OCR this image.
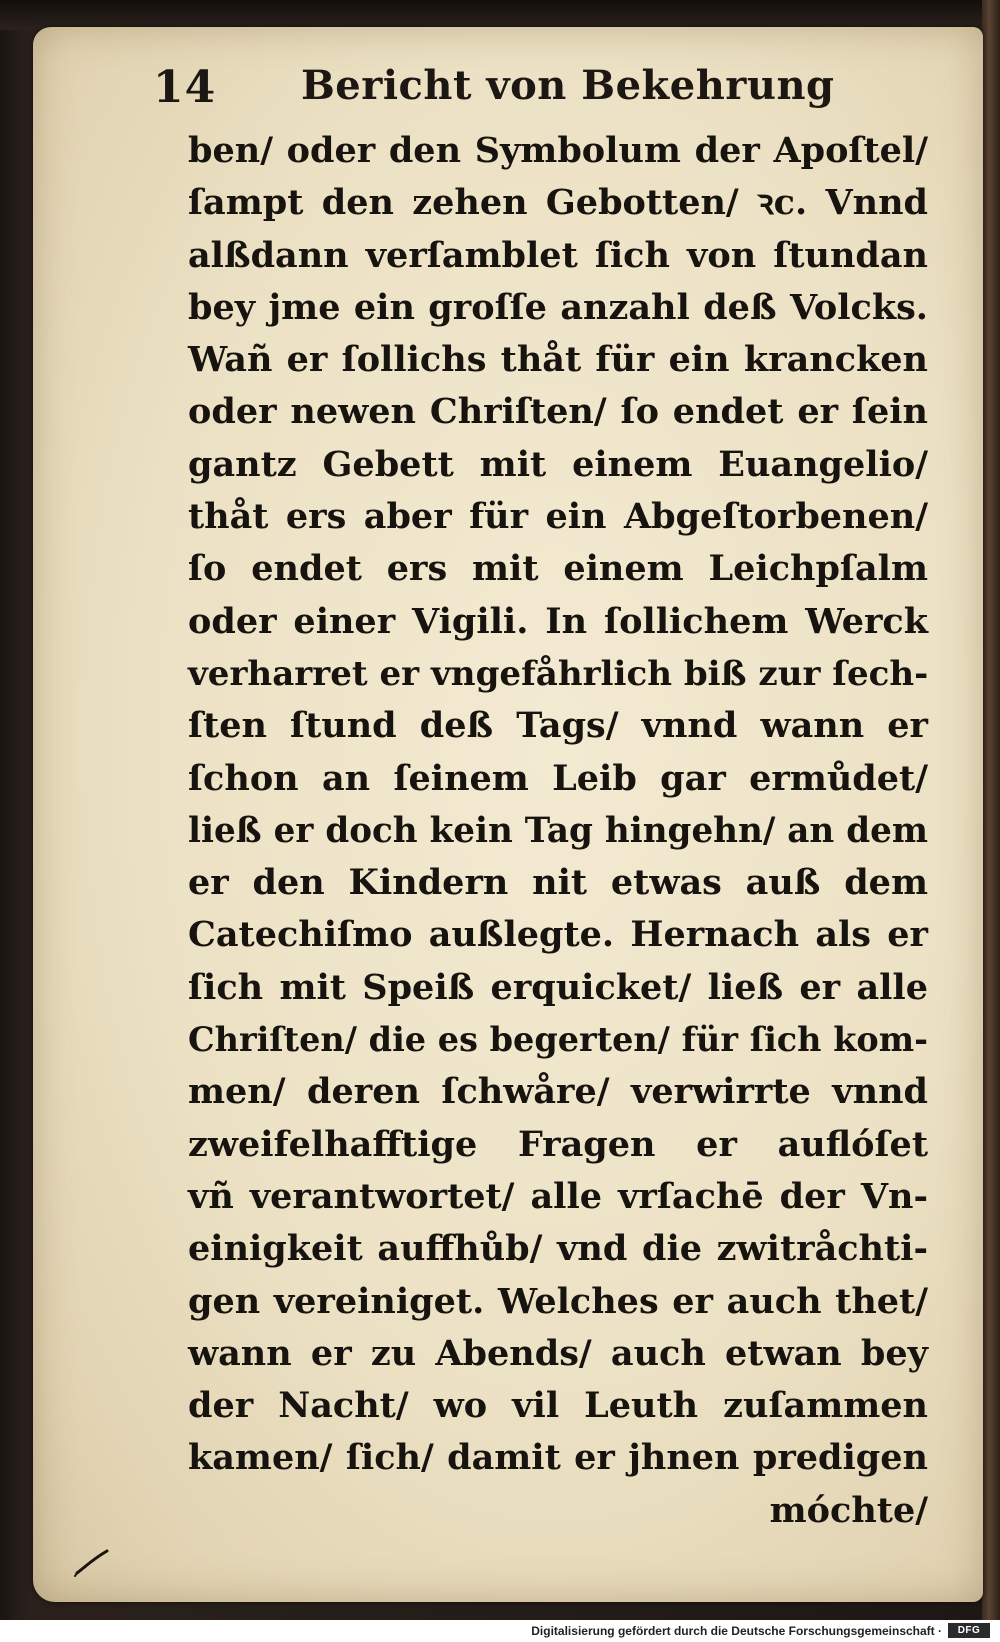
14 Bericht von Bekehrung
ben/ oder den Symbolum der Apoſtel/
ſampt den zehen Gebotten/ ꝛc. Vnnd
alßdann verſamblet ſich von ſtundan
bey jme ein groſſe anzahl deß Volcks.
Wañ er ſollichs thåt für ein krancken
oder newen Chriſten/ ſo endet er ſein
gantz Gebett mit einem Euangelio/
thåt ers aber für ein Abgeſtorbenen/
ſo endet ers mit einem Leichpſalm
oder einer Vigili. In ſollichem Werck
verharret er vngefåhrlich biß zur ſech-
ſten ſtund deß Tags/ vnnd wann er
ſchon an ſeinem Leib gar ermůdet/
ließ er doch kein Tag hingehn/ an dem
er den Kindern nit etwas auß dem
Catechiſmo außlegte. Hernach als er
ſich mit Speiß erquicket/ ließ er alle
Chriſten/ die es begerten/ für ſich kom-
men/ deren ſchwåre/ verwirrte vnnd
zweifelhafftige Fragen er auflóſet
vñ verantwortet/ alle vrſachē der Vn-
einigkeit auffhůb/ vnd die zwitråchti-
gen vereiniget. Welches er auch thet/
wann er zu Abends/ auch etwan bey
der Nacht/ wo vil Leuth zuſammen
kamen/ ſich/ damit er jhnen predigen
móchte/
Digitalisierung gefördert durch die Deutsche Forschungsgemeinschaft ·	DFG
